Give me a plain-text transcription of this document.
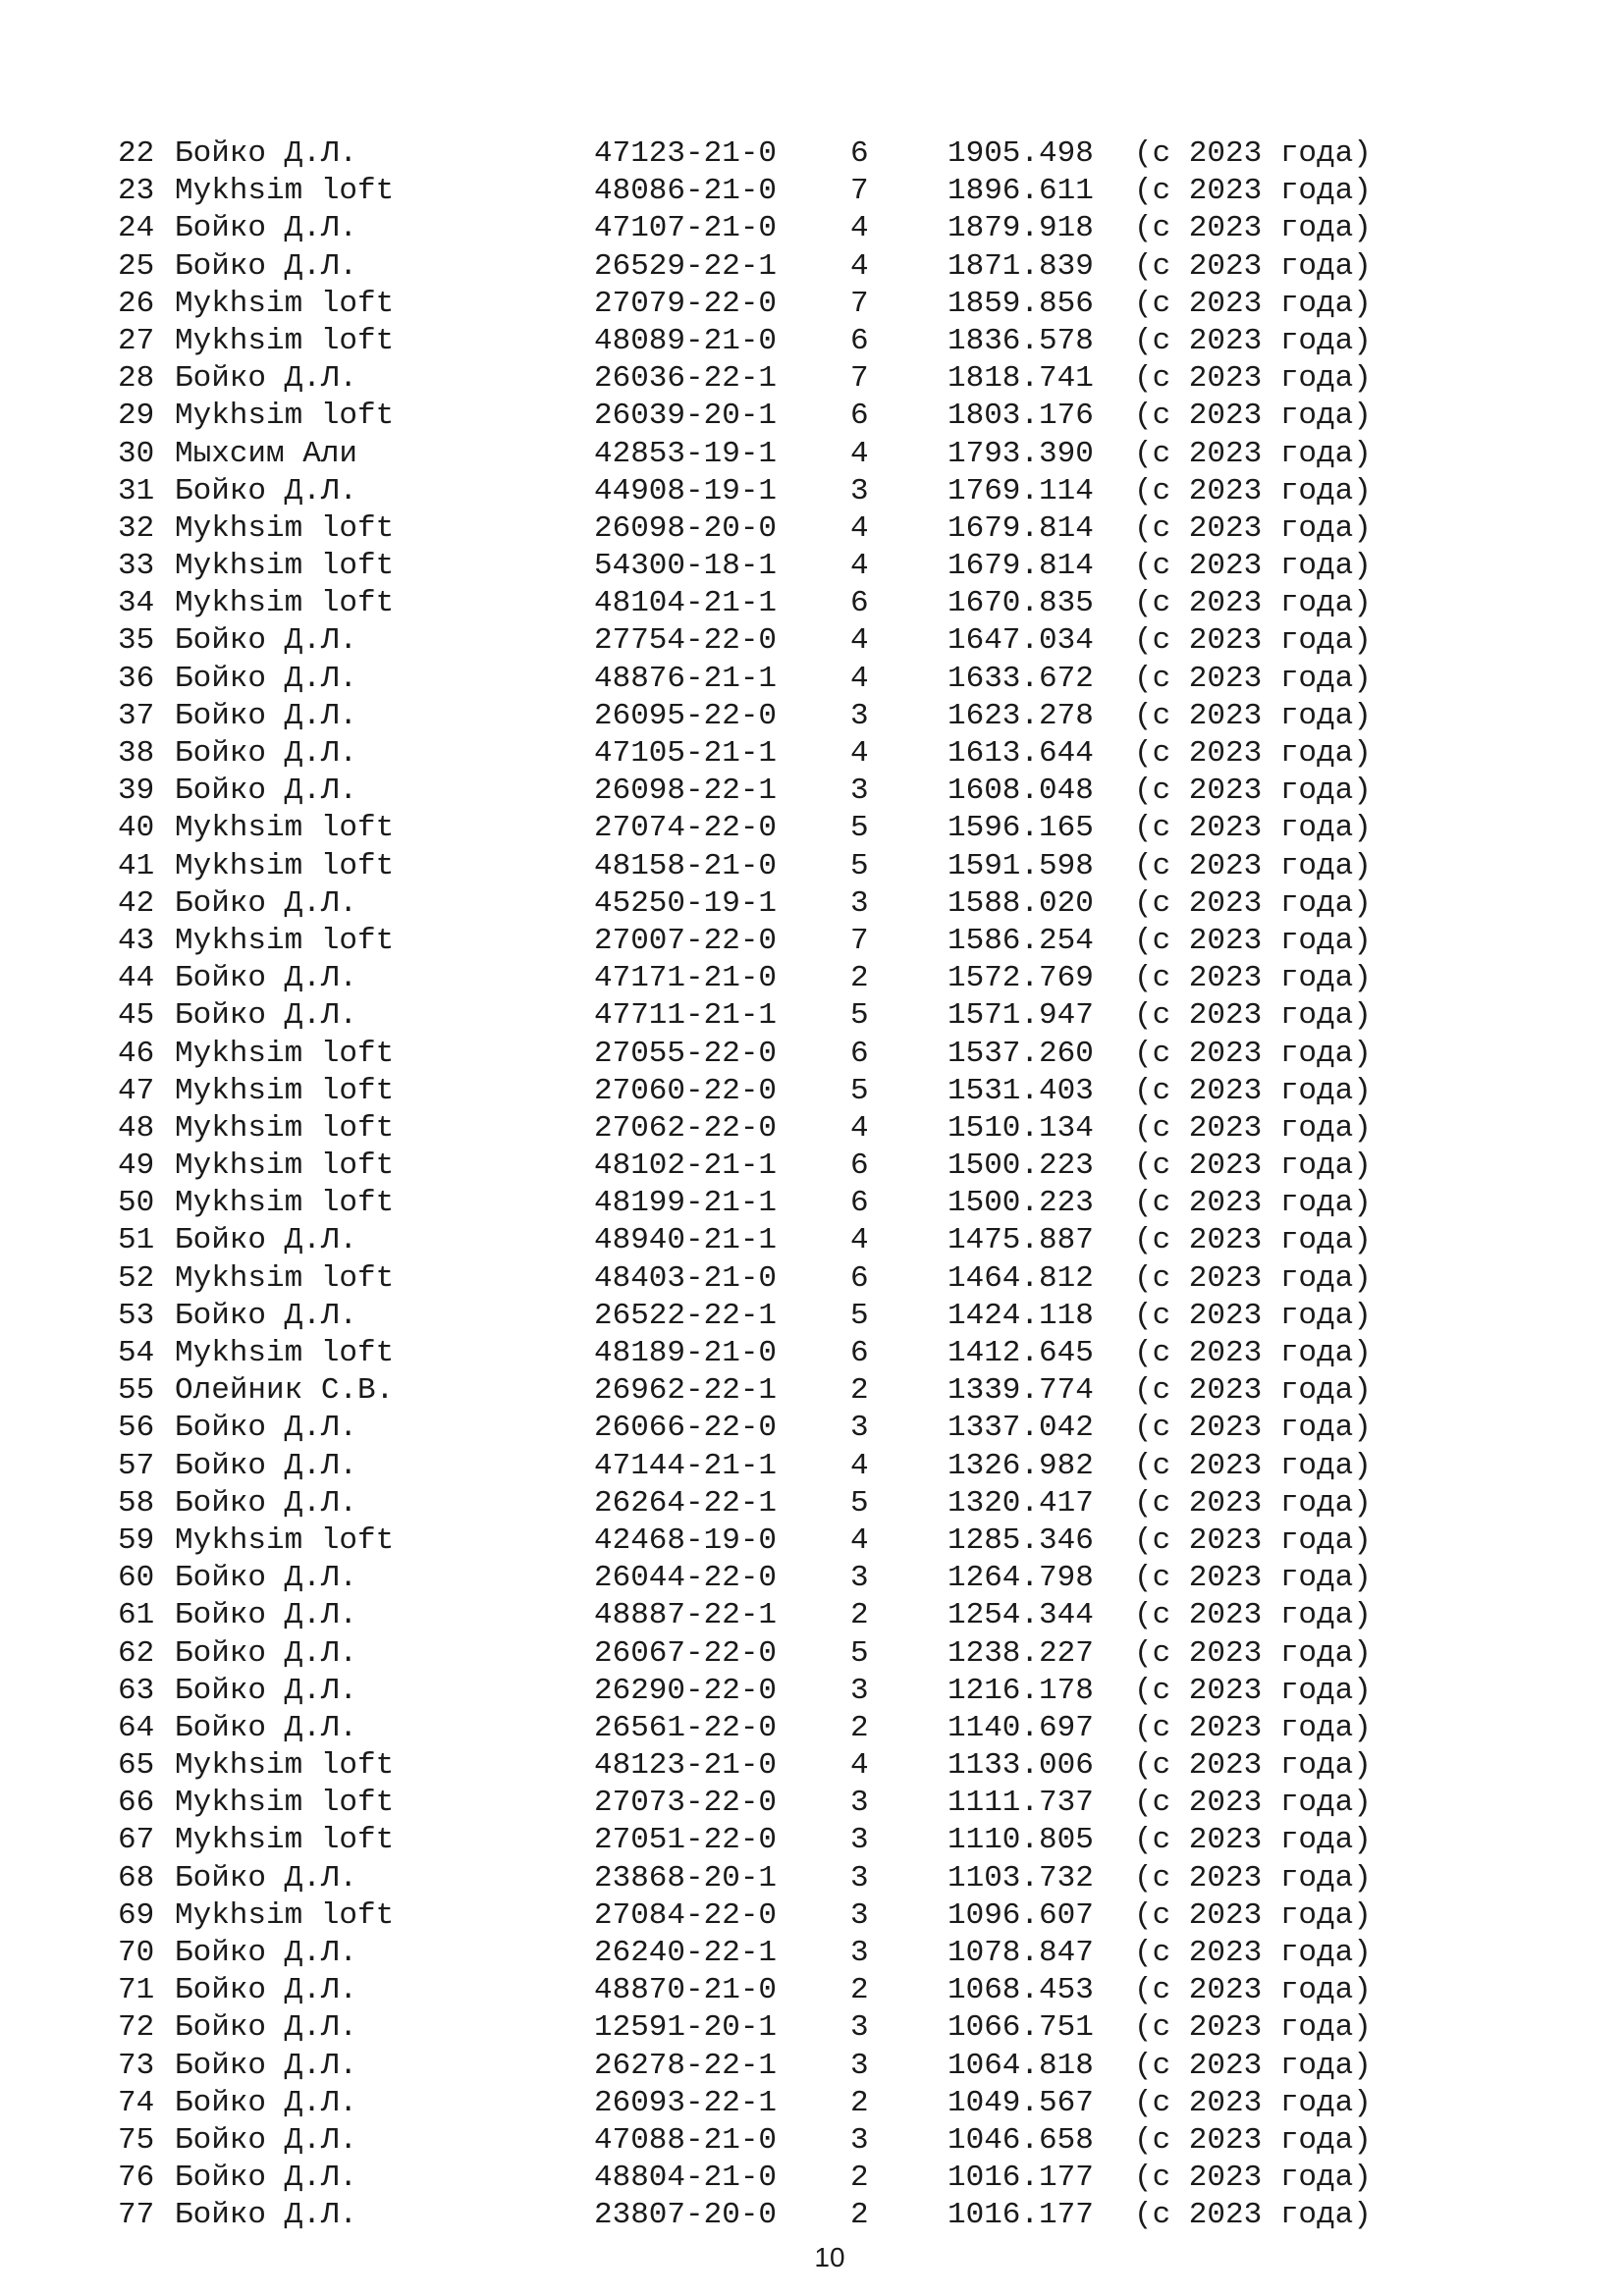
22 Бойко Д.Л.	47123-21-0 6	1905.498 (с 2023 года)
23 Mykhsim loft	48086-21-0 7	1896.611 (с 2023 года)
24 Бойко Д.Л.	47107-21-0 4	1879.918 (с 2023 года)
25 Бойко Д.Л.	26529-22-1 4	1871.839 (с 2023 года)
26 Mykhsim loft	27079-22-0 7	1859.856 (с 2023 года)
27 Mykhsim loft	48089-21-0 6	1836.578 (с 2023 года)
28 Бойко Д.Л.	26036-22-1 7	1818.741 (с 2023 года)
29 Mykhsim loft	26039-20-1 6	1803.176 (с 2023 года)
30 Мыхсим Али	42853-19-1 4	1793.390 (с 2023 года)
31 Бойко Д.Л.	44908-19-1 3	1769.114 (с 2023 года)
32 Mykhsim loft	26098-20-0 4	1679.814 (с 2023 года)
33 Mykhsim loft	54300-18-1 4	1679.814 (с 2023 года)
34 Mykhsim loft	48104-21-1 6	1670.835 (с 2023 года)
35 Бойко Д.Л.	27754-22-0 4	1647.034 (с 2023 года)
36 Бойко Д.Л.	48876-21-1 4	1633.672 (с 2023 года)
37 Бойко Д.Л.	26095-22-0 3	1623.278 (с 2023 года)
38 Бойко Д.Л.	47105-21-1 4	1613.644 (с 2023 года)
39 Бойко Д.Л.	26098-22-1 3	1608.048 (с 2023 года)
40 Mykhsim loft	27074-22-0 5	1596.165 (с 2023 года)
41 Mykhsim loft	48158-21-0 5	1591.598 (с 2023 года)
42 Бойко Д.Л.	45250-19-1 3	1588.020 (с 2023 года)
43 Mykhsim loft	27007-22-0 7	1586.254 (с 2023 года)
44 Бойко Д.Л.	47171-21-0 2	1572.769 (с 2023 года)
45 Бойко Д.Л.	47711-21-1 5	1571.947 (с 2023 года)
46 Mykhsim loft	27055-22-0 6	1537.260 (с 2023 года)
47 Mykhsim loft	27060-22-0 5	1531.403 (с 2023 года)
48 Mykhsim loft	27062-22-0 4	1510.134 (с 2023 года)
49 Mykhsim loft	48102-21-1 6	1500.223 (с 2023 года)
50 Mykhsim loft	48199-21-1 6	1500.223 (с 2023 года)
51 Бойко Д.Л.	48940-21-1 4	1475.887 (с 2023 года)
52 Mykhsim loft	48403-21-0 6	1464.812 (с 2023 года)
53 Бойко Д.Л.	26522-22-1 5	1424.118 (с 2023 года)
54 Mykhsim loft	48189-21-0 6	1412.645 (с 2023 года)
55 Олейник С.В.	26962-22-1 2	1339.774 (с 2023 года)
56 Бойко Д.Л.	26066-22-0 3	1337.042 (с 2023 года)
57 Бойко Д.Л.	47144-21-1 4	1326.982 (с 2023 года)
58 Бойко Д.Л.	26264-22-1 5	1320.417 (с 2023 года)
59 Mykhsim loft	42468-19-0 4	1285.346 (с 2023 года)
60 Бойко Д.Л.	26044-22-0 3	1264.798 (с 2023 года)
61 Бойко Д.Л.	48887-22-1 2	1254.344 (с 2023 года)
62 Бойко Д.Л.	26067-22-0 5	1238.227 (с 2023 года)
63 Бойко Д.Л.	26290-22-0 3	1216.178 (с 2023 года)
64 Бойко Д.Л.	26561-22-0 2	1140.697 (с 2023 года)
65 Mykhsim loft	48123-21-0 4	1133.006 (с 2023 года)
66 Mykhsim loft	27073-22-0 3	1111.737 (с 2023 года)
67 Mykhsim loft	27051-22-0 3	1110.805 (с 2023 года)
68 Бойко Д.Л.	23868-20-1 3	1103.732 (с 2023 года)
69 Mykhsim loft	27084-22-0 3	1096.607 (с 2023 года)
70 Бойко Д.Л.	26240-22-1 3	1078.847 (с 2023 года)
71 Бойко Д.Л.	48870-21-0 2	1068.453 (с 2023 года)
72 Бойко Д.Л.	12591-20-1 3	1066.751 (с 2023 года)
73 Бойко Д.Л.	26278-22-1 3	1064.818 (с 2023 года)
74 Бойко Д.Л.	26093-22-1 2	1049.567 (с 2023 года)
75 Бойко Д.Л.	47088-21-0 3	1046.658 (с 2023 года)
76 Бойко Д.Л.	48804-21-0 2	1016.177 (с 2023 года)
77 Бойко Д.Л.	23807-20-0 2	1016.177 (с 2023 года)
10
